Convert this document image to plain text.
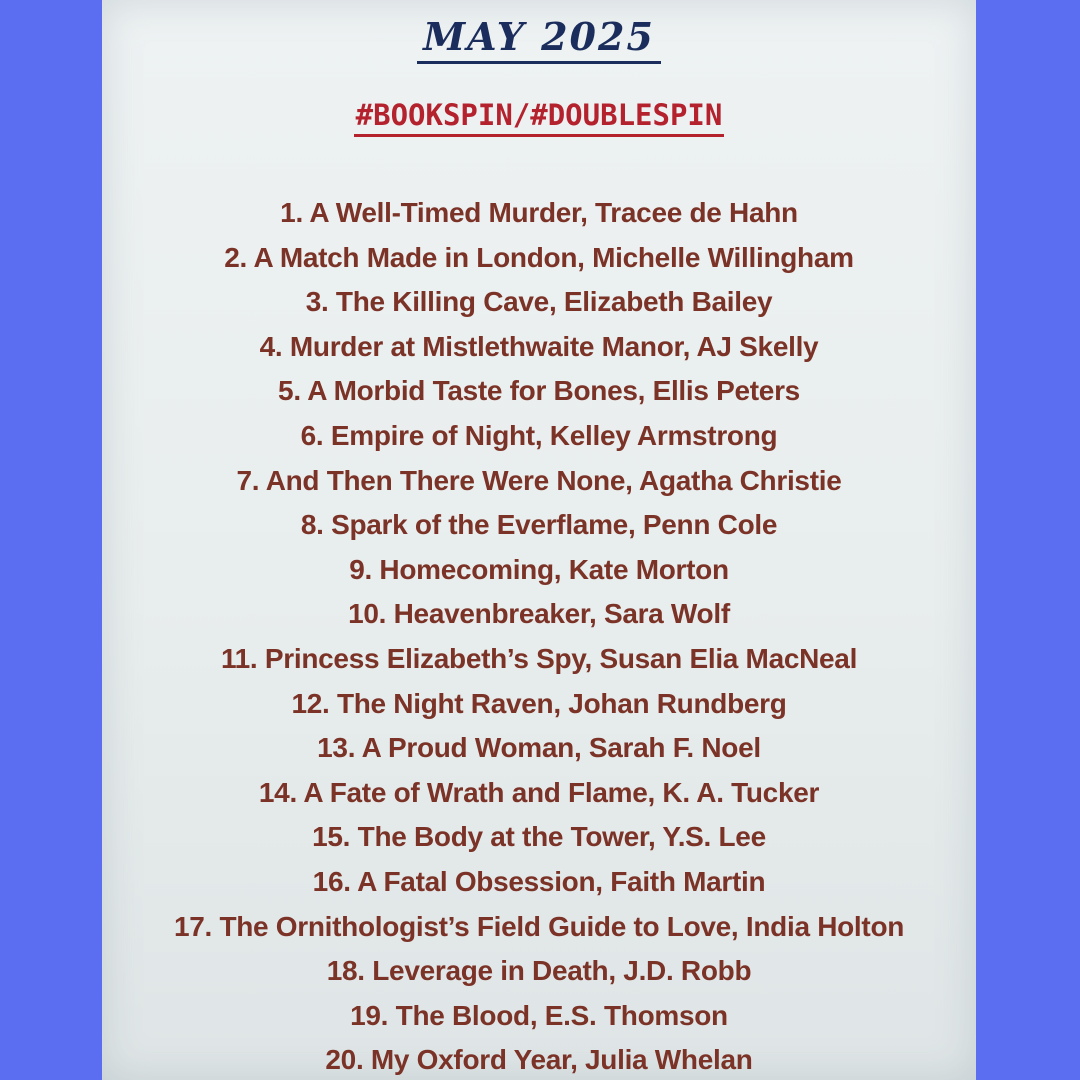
MAY 2025
#BOOKSPIN/#DOUBLESPIN
1. A Well-Timed Murder, Tracee de Hahn
2. A Match Made in London, Michelle Willingham
3. The Killing Cave, Elizabeth Bailey
4. Murder at Mistlethwaite Manor, AJ Skelly
5. A Morbid Taste for Bones, Ellis Peters
6. Empire of Night, Kelley Armstrong
7. And Then There Were None, Agatha Christie
8. Spark of the Everflame, Penn Cole
9. Homecoming, Kate Morton
10. Heavenbreaker, Sara Wolf
11. Princess Elizabeth’s Spy, Susan Elia MacNeal
12. The Night Raven, Johan Rundberg
13. A Proud Woman, Sarah F. Noel
14. A Fate of Wrath and Flame, K. A. Tucker
15. The Body at the Tower, Y.S. Lee
16. A Fatal Obsession, Faith Martin
17. The Ornithologist’s Field Guide to Love, India Holton
18. Leverage in Death, J.D. Robb
19. The Blood, E.S. Thomson
20. My Oxford Year, Julia Whelan
